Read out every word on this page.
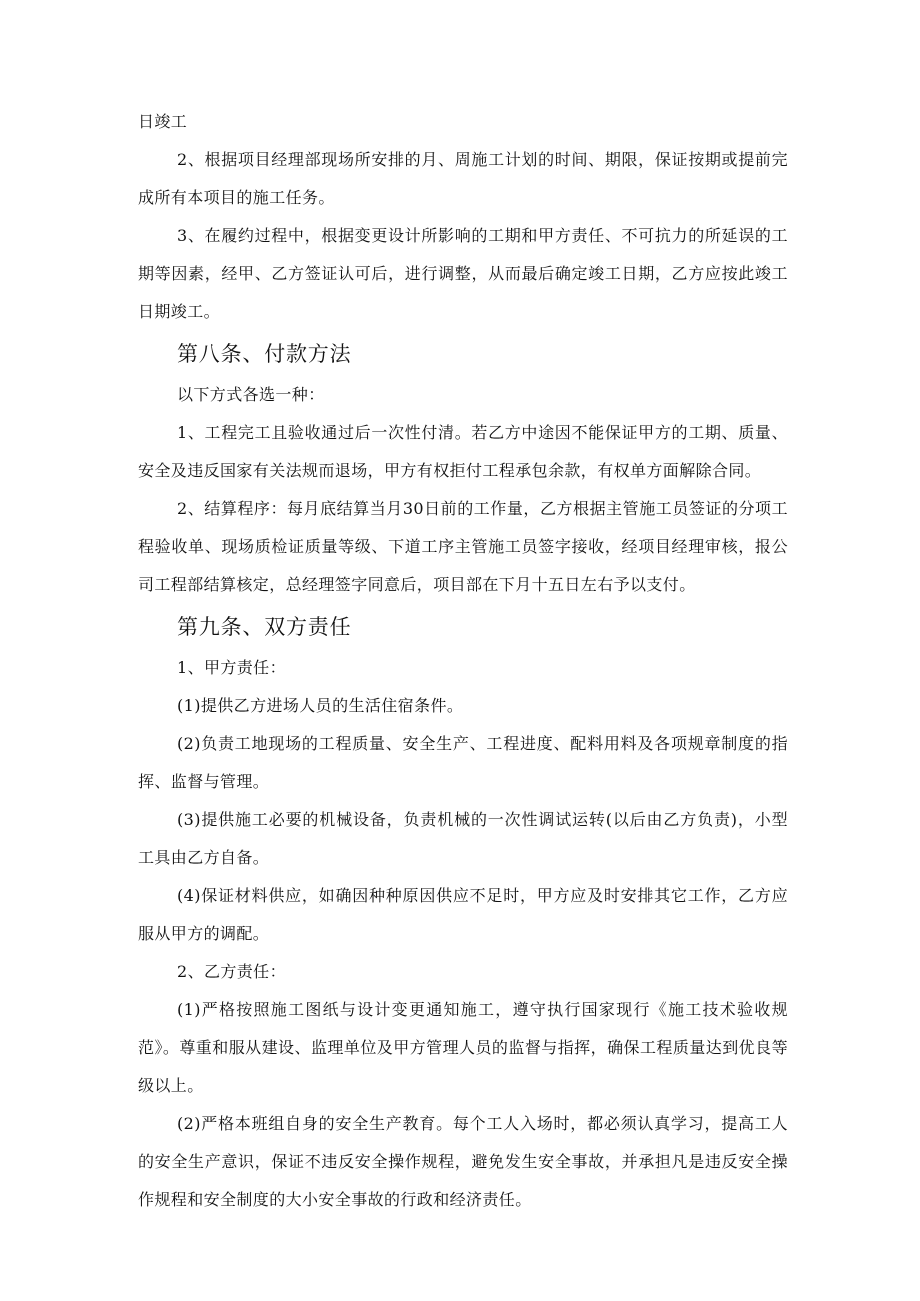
日竣工

2、根据项目经理部现场所安排的月、周施工计划的时间、期限，保证按期或提前完成所有本项目的施工任务。

3、在履约过程中，根据变更设计所影响的工期和甲方责任、不可抗力的所延误的工期等因素，经甲、乙方签证认可后，进行调整，从而最后确定竣工日期，乙方应按此竣工日期竣工。

第八条、付款方法

以下方式各选一种：

1、工程完工且验收通过后一次性付清。若乙方中途因不能保证甲方的工期、质量、安全及违反国家有关法规而退场，甲方有权拒付工程承包余款，有权单方面解除合同。

2、结算程序：每月底结算当月30日前的工作量，乙方根据主管施工员签证的分项工程验收单、现场质检证质量等级、下道工序主管施工员签字接收，经项目经理审核，报公司工程部结算核定，总经理签字同意后，项目部在下月十五日左右予以支付。

第九条、双方责任

1、甲方责任：

(1)提供乙方进场人员的生活住宿条件。

(2)负责工地现场的工程质量、安全生产、工程进度、配料用料及各项规章制度的指挥、监督与管理。

(3)提供施工必要的机械设备，负责机械的一次性调试运转(以后由乙方负责)，小型工具由乙方自备。

(4)保证材料供应，如确因种种原因供应不足时，甲方应及时安排其它工作，乙方应服从甲方的调配。

2、乙方责任：

(1)严格按照施工图纸与设计变更通知施工，遵守执行国家现行《施工技术验收规范》。尊重和服从建设、监理单位及甲方管理人员的监督与指挥，确保工程质量达到优良等级以上。

(2)严格本班组自身的安全生产教育。每个工人入场时，都必须认真学习，提高工人的安全生产意识，保证不违反安全操作规程，避免发生安全事故，并承担凡是违反安全操作规程和安全制度的大小安全事故的行政和经济责任。
